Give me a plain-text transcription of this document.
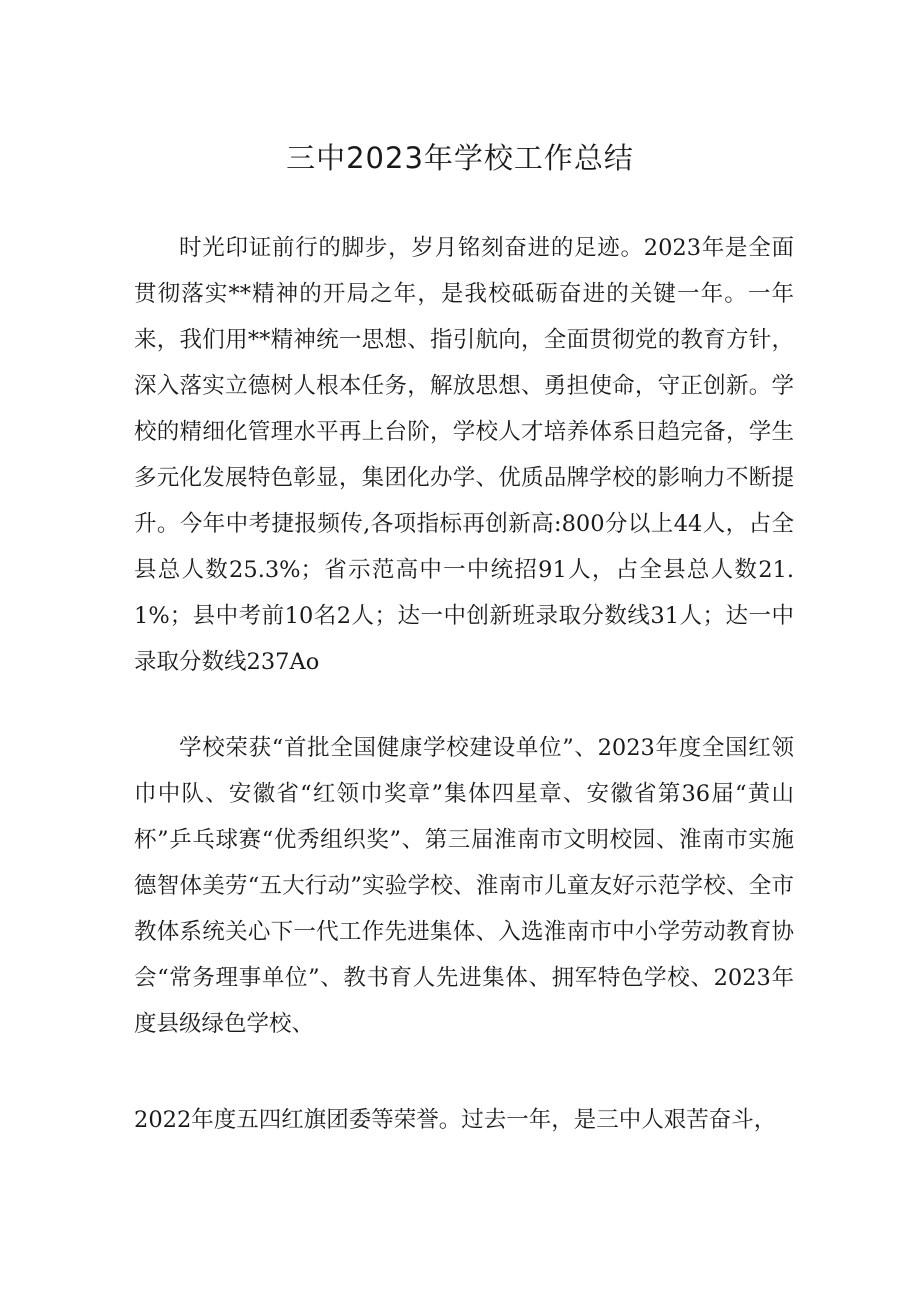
三中2023年学校工作总结

时光印证前行的脚步，岁月铭刻奋进的足迹。2023年是全面贯彻落实**精神的开局之年，是我校砥砺奋进的关键一年。一年来，我们用**精神统一思想、指引航向，全面贯彻党的教育方针，深入落实立德树人根本任务，解放思想、勇担使命，守正创新。学校的精细化管理水平再上台阶，学校人才培养体系日趋完备，学生多元化发展特色彰显，集团化办学、优质品牌学校的影响力不断提升。今年中考捷报频传,各项指标再创新高:800分以上44人，占全县总人数25.3%；省示范高中一中统招91人，占全县总人数21.1%；县中考前10名2人；达一中创新班录取分数线31人；达一中录取分数线237Ao

学校荣获“首批全国健康学校建设单位”、2023年度全国红领巾中队、安徽省“红领巾奖章”集体四星章、安徽省第36届“黄山杯”乒乓球赛“优秀组织奖”、第三届淮南市文明校园、淮南市实施德智体美劳“五大行动”实验学校、淮南市儿童友好示范学校、全市教体系统关心下一代工作先进集体、入选淮南市中小学劳动教育协会“常务理事单位”、教书育人先进集体、拥军特色学校、2023年度县级绿色学校、

2022年度五四红旗团委等荣誉。过去一年，是三中人艰苦奋斗，
